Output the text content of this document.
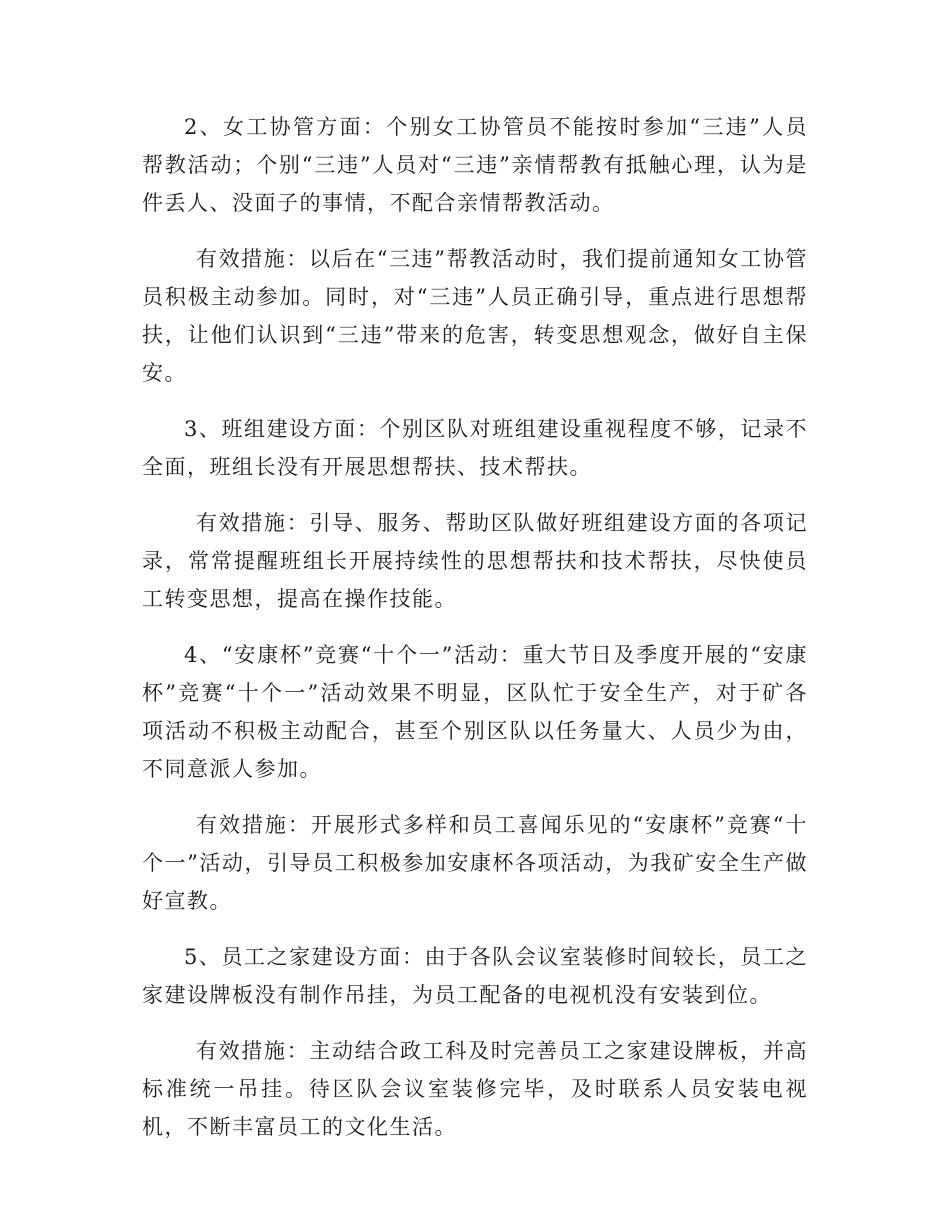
2、女工协管方面：个别女工协管员不能按时参加“三违”人员帮教活动；个别“三违”人员对“三违”亲情帮教有抵触心理，认为是件丢人、没面子的事情，不配合亲情帮教活动。

有效措施：以后在“三违”帮教活动时，我们提前通知女工协管员积极主动参加。同时，对“三违”人员正确引导，重点进行思想帮扶，让他们认识到“三违”带来的危害，转变思想观念，做好自主保安。

3、班组建设方面：个别区队对班组建设重视程度不够，记录不全面，班组长没有开展思想帮扶、技术帮扶。

有效措施：引导、服务、帮助区队做好班组建设方面的各项记录，常常提醒班组长开展持续性的思想帮扶和技术帮扶，尽快使员工转变思想，提高在操作技能。

4、“安康杯”竞赛“十个一”活动：重大节日及季度开展的“安康杯”竞赛“十个一”活动效果不明显，区队忙于安全生产，对于矿各项活动不积极主动配合，甚至个别区队以任务量大、人员少为由，不同意派人参加。

有效措施：开展形式多样和员工喜闻乐见的“安康杯”竞赛“十个一”活动，引导员工积极参加安康杯各项活动，为我矿安全生产做好宣教。

5、员工之家建设方面：由于各队会议室装修时间较长，员工之家建设牌板没有制作吊挂，为员工配备的电视机没有安装到位。

有效措施：主动结合政工科及时完善员工之家建设牌板，并高标准统一吊挂。待区队会议室装修完毕，及时联系人员安装电视机，不断丰富员工的文化生活。
